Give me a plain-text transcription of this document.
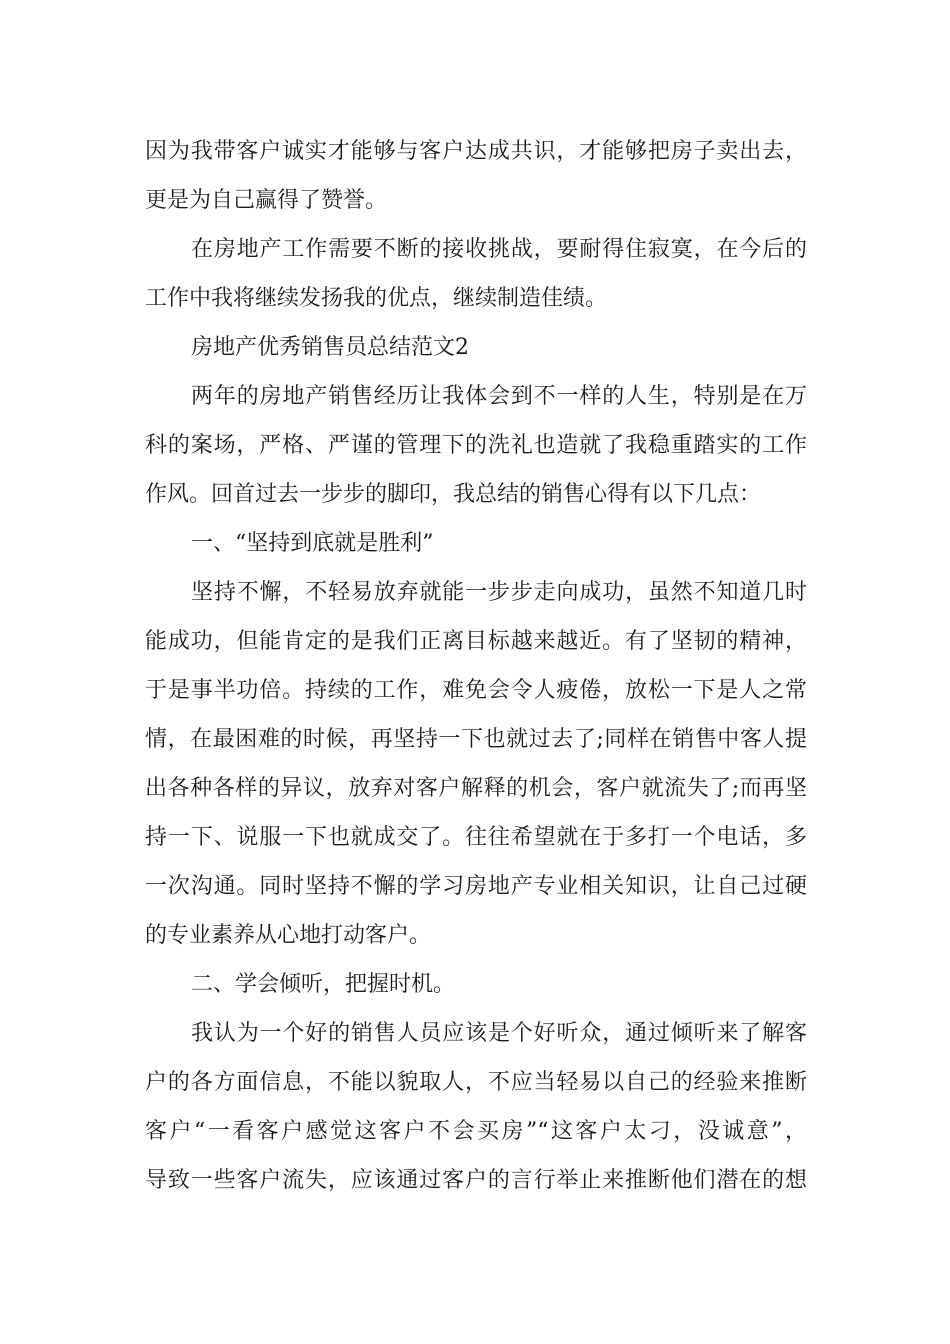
因为我带客户诚实才能够与客户达成共识，才能够把房子卖出去，
更是为自己赢得了赞誉。
在房地产工作需要不断的接收挑战，要耐得住寂寞，在今后的
工作中我将继续发扬我的优点，继续制造佳绩。
房地产优秀销售员总结范文2
两年的房地产销售经历让我体会到不一样的人生，特别是在万
科的案场，严格、严谨的管理下的洗礼也造就了我稳重踏实的工作
作风。回首过去一步步的脚印，我总结的销售心得有以下几点：
一、“坚持到底就是胜利”
坚持不懈，不轻易放弃就能一步步走向成功，虽然不知道几时
能成功，但能肯定的是我们正离目标越来越近。有了坚韧的精神，
于是事半功倍。持续的工作，难免会令人疲倦，放松一下是人之常
情，在最困难的时候，再坚持一下也就过去了;同样在销售中客人提
出各种各样的异议，放弃对客户解释的机会，客户就流失了;而再坚
持一下、说服一下也就成交了。往往希望就在于多打一个电话，多
一次沟通。同时坚持不懈的学习房地产专业相关知识，让自己过硬
的专业素养从心地打动客户。
二、学会倾听，把握时机。
我认为一个好的销售人员应该是个好听众，通过倾听来了解客
户的各方面信息，不能以貌取人，不应当轻易以自己的经验来推断
客户“一看客户感觉这客户不会买房”“这客户太刁，没诚意”，
导致一些客户流失，应该通过客户的言行举止来推断他们潜在的想
